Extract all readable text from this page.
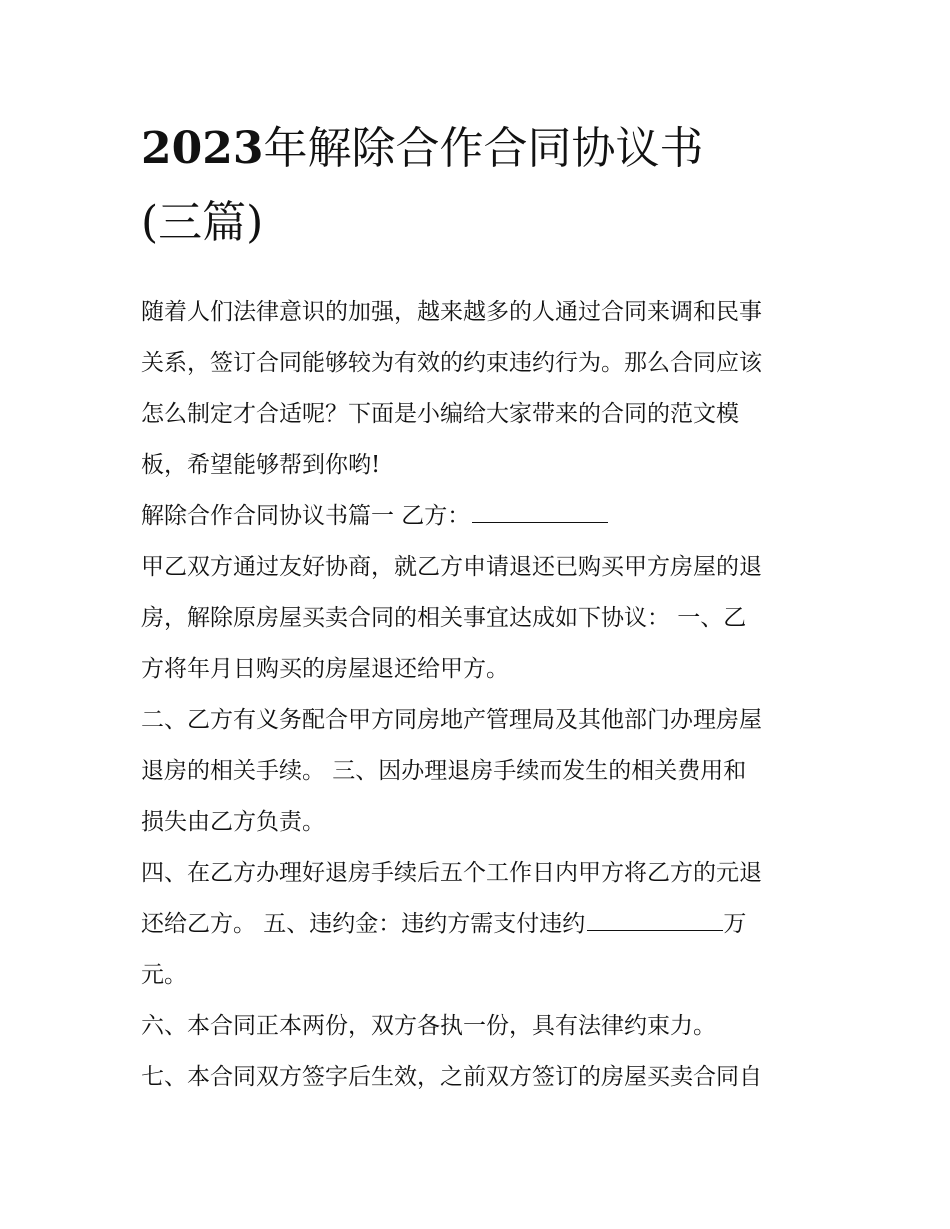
2023年解除合作合同协议书
(三篇)

随着人们法律意识的加强，越来越多的人通过合同来调和民事
关系，签订合同能够较为有效的约束违约行为。那么合同应该
怎么制定才合适呢？下面是小编给大家带来的合同的范文模
板，希望能够帮到你哟!

解除合作合同协议书篇一 乙方：

甲乙双方通过友好协商，就乙方申请退还已购买甲方房屋的退
房，解除原房屋买卖合同的相关事宜达成如下协议： 一、乙
方将年月日购买的房屋退还给甲方。

二、乙方有义务配合甲方同房地产管理局及其他部门办理房屋
退房的相关手续。 三、因办理退房手续而发生的相关费用和
损失由乙方负责。

四、在乙方办理好退房手续后五个工作日内甲方将乙方的元退
还给乙方。 五、违约金：违约方需支付违约	万
元。

六、本合同正本两份，双方各执一份，具有法律约束力。

七、本合同双方签字后生效，之前双方签订的房屋买卖合同自
